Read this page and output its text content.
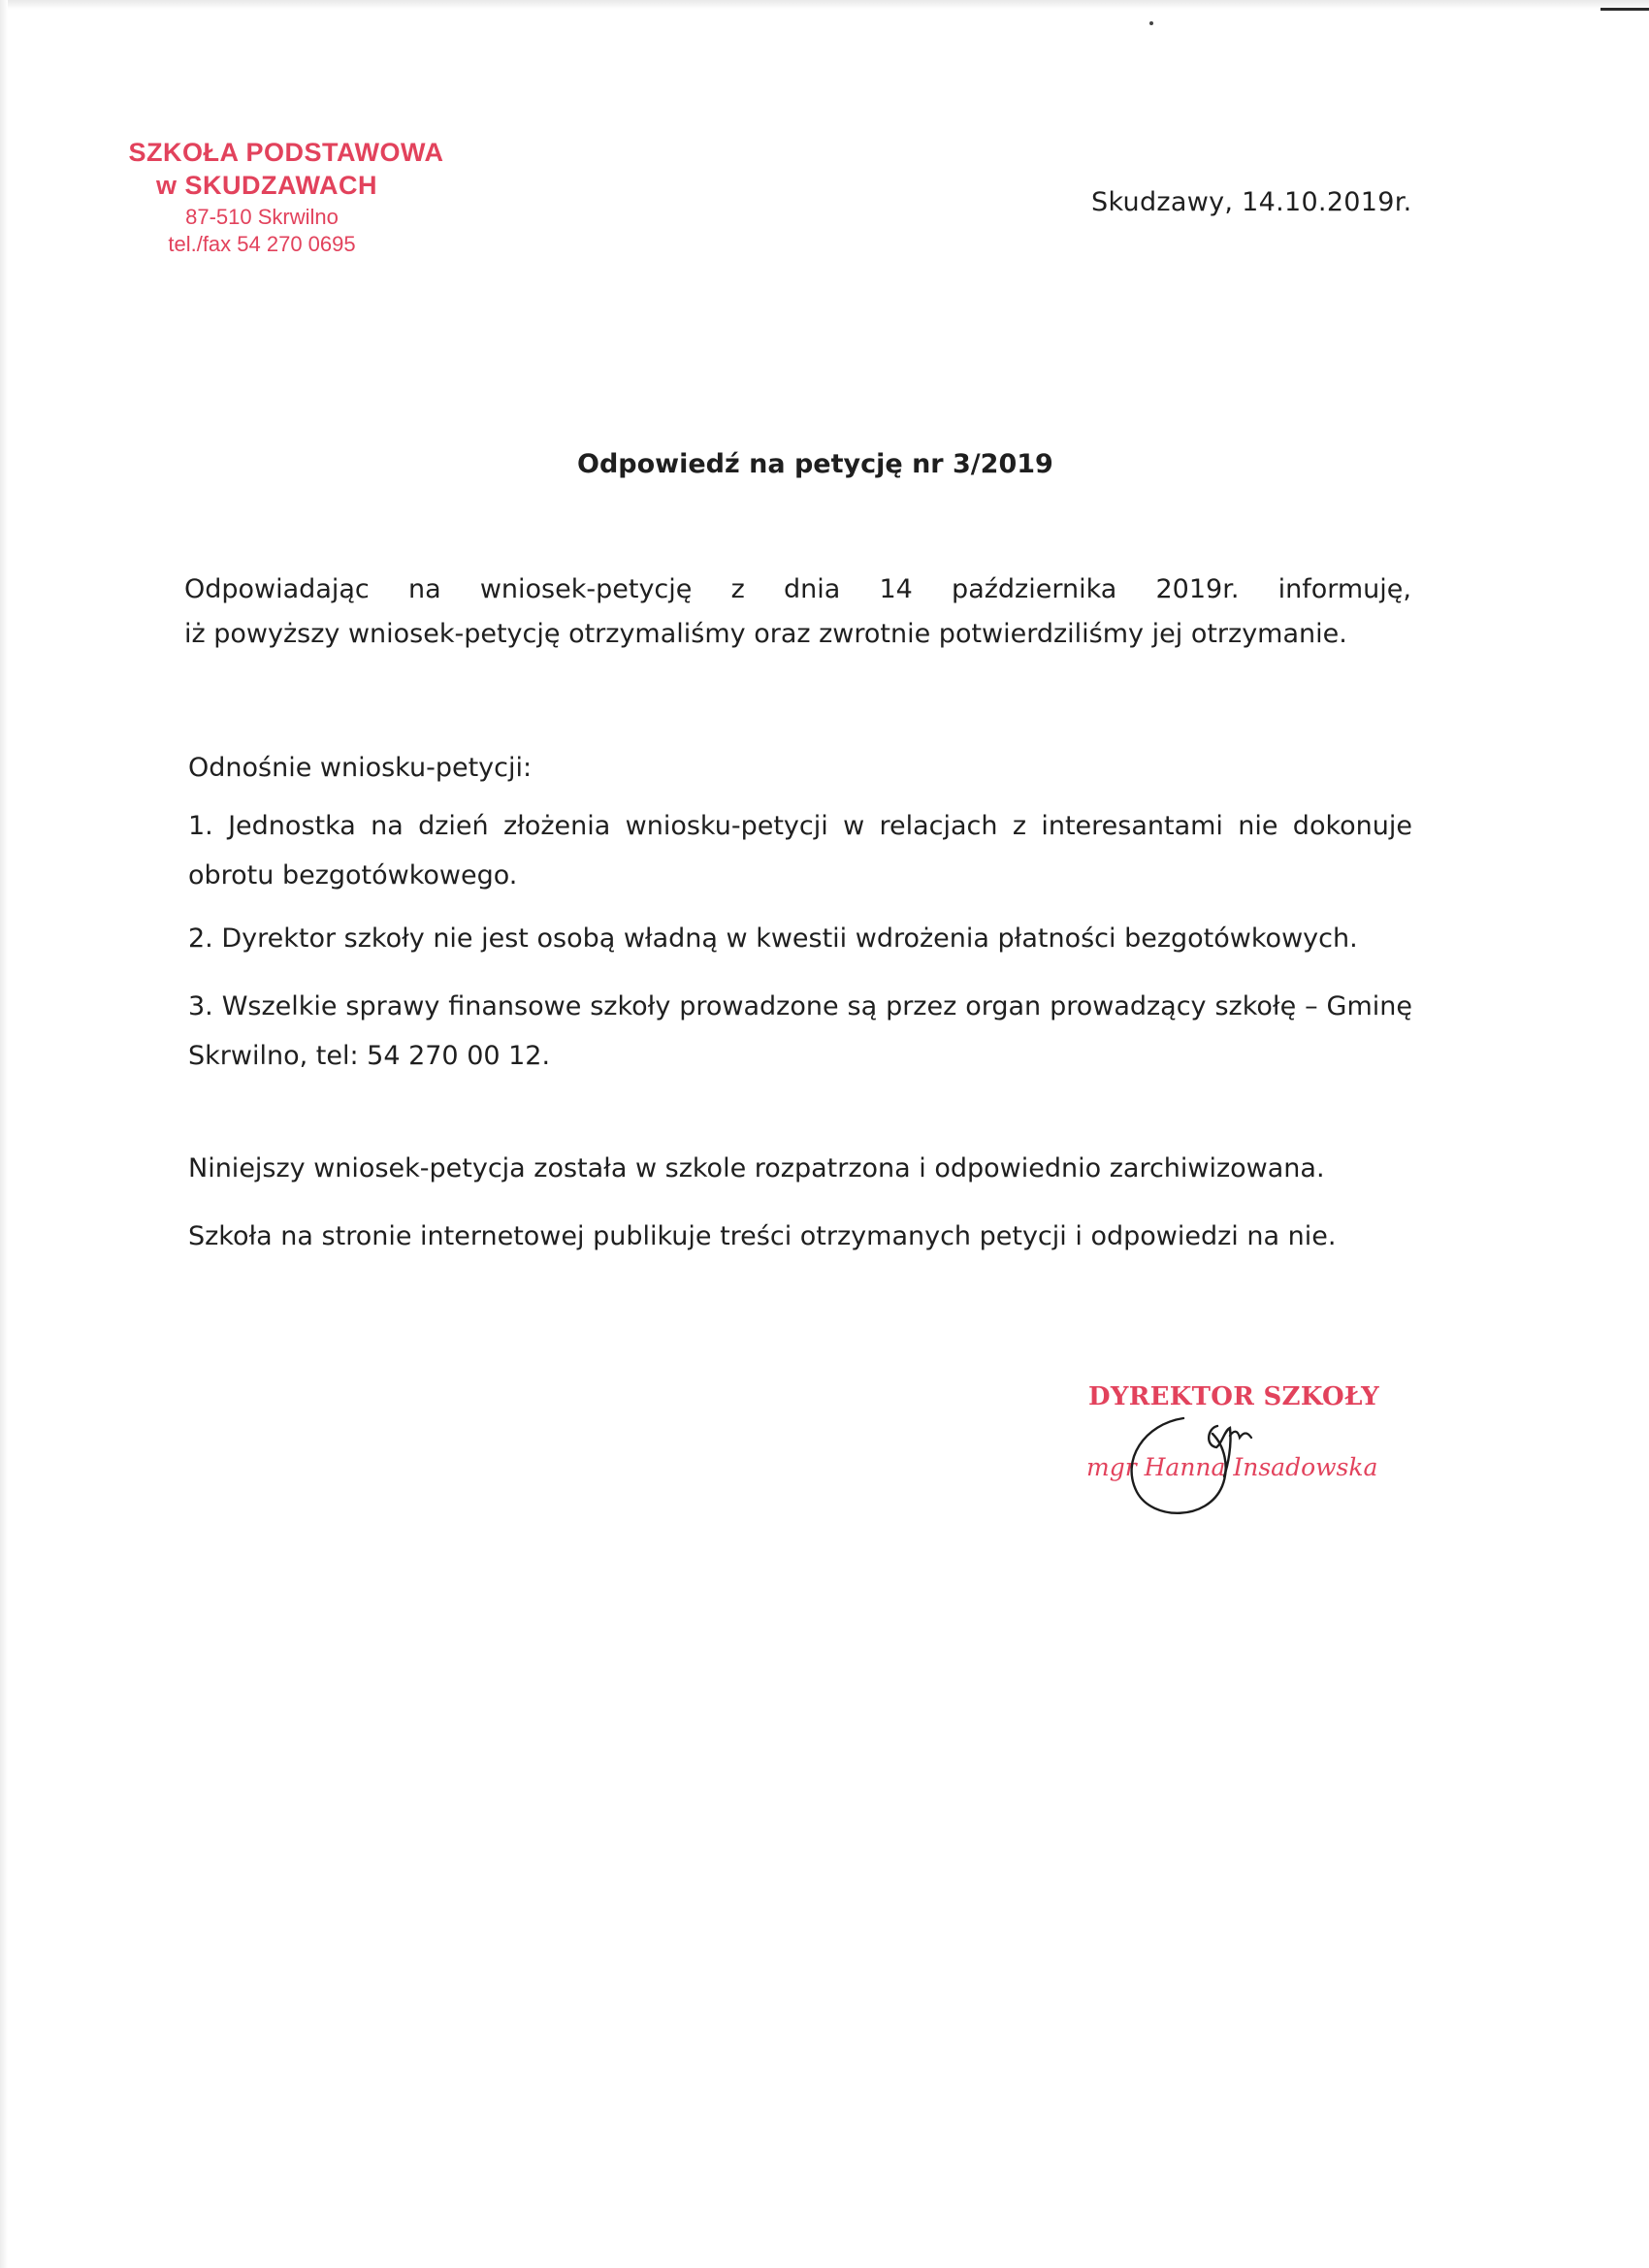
SZKOŁA PODSTAWOWA
w SKUDZAWACH
87-510 Skrwilno
tel./fax 54 270 0695
Skudzawy, 14.10.2019r.
Odpowiedź na petycję nr 3/2019
Odpowiadając na wniosek-petycję z dnia 14 października 2019r. informuję,
iż powyższy wniosek-petycję otrzymaliśmy oraz zwrotnie potwierdziliśmy jej otrzymanie.
Odnośnie wniosku-petycji:
1. Jednostka na dzień złożenia wniosku-petycji w relacjach z interesantami nie dokonuje
obrotu bezgotówkowego.
2. Dyrektor szkoły nie jest osobą władną w kwestii wdrożenia płatności bezgotówkowych.
3. Wszelkie sprawy finansowe szkoły prowadzone są przez organ prowadzący szkołę – Gminę
Skrwilno, tel: 54 270 00 12.
Niniejszy wniosek-petycja została w szkole rozpatrzona i odpowiednio zarchiwizowana.
Szkoła na stronie internetowej publikuje treści otrzymanych petycji i odpowiedzi na nie.
DYREKTOR SZKOŁY
mgr Hanna Insadowska
